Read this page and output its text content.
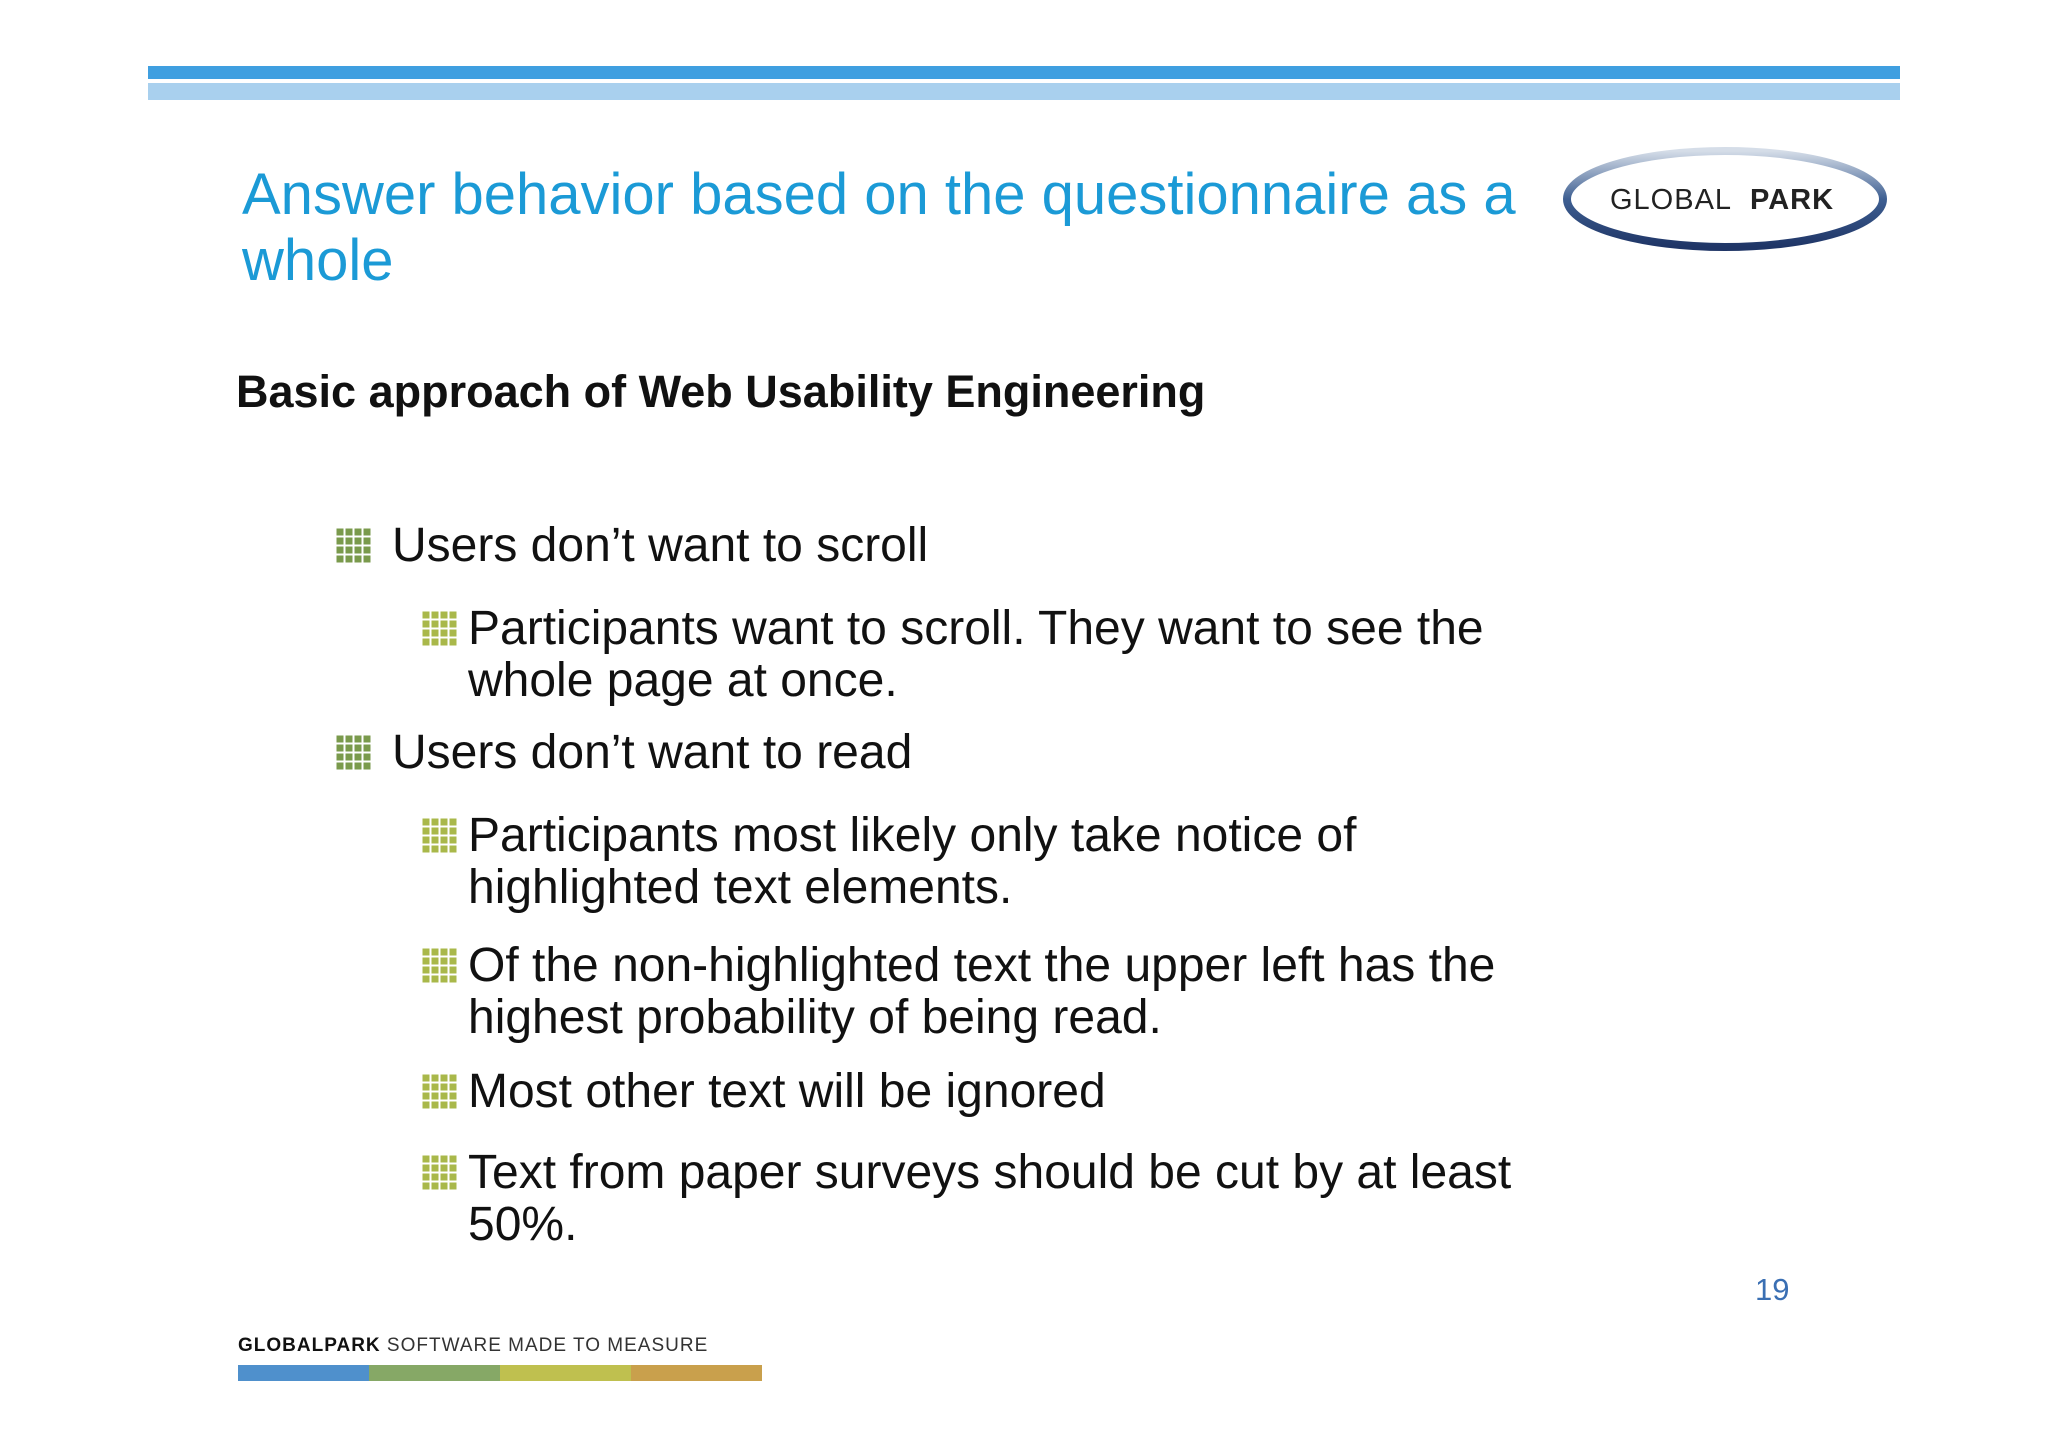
Answer behavior based on the questionnaire as a whole
GLOBAL PARK
Basic approach of Web Usability Engineering
Users don’t want to scroll
Participants want to scroll. They want to see the whole page at once.
Users don’t want to read
Participants most likely only take notice of highlighted text elements.
Of the non-highlighted text the upper left has the highest probability of being read.
Most other text will be ignored
Text from paper surveys should be cut by at least 50%.
19
GLOBALPARK SOFTWARE MADE TO MEASURE
